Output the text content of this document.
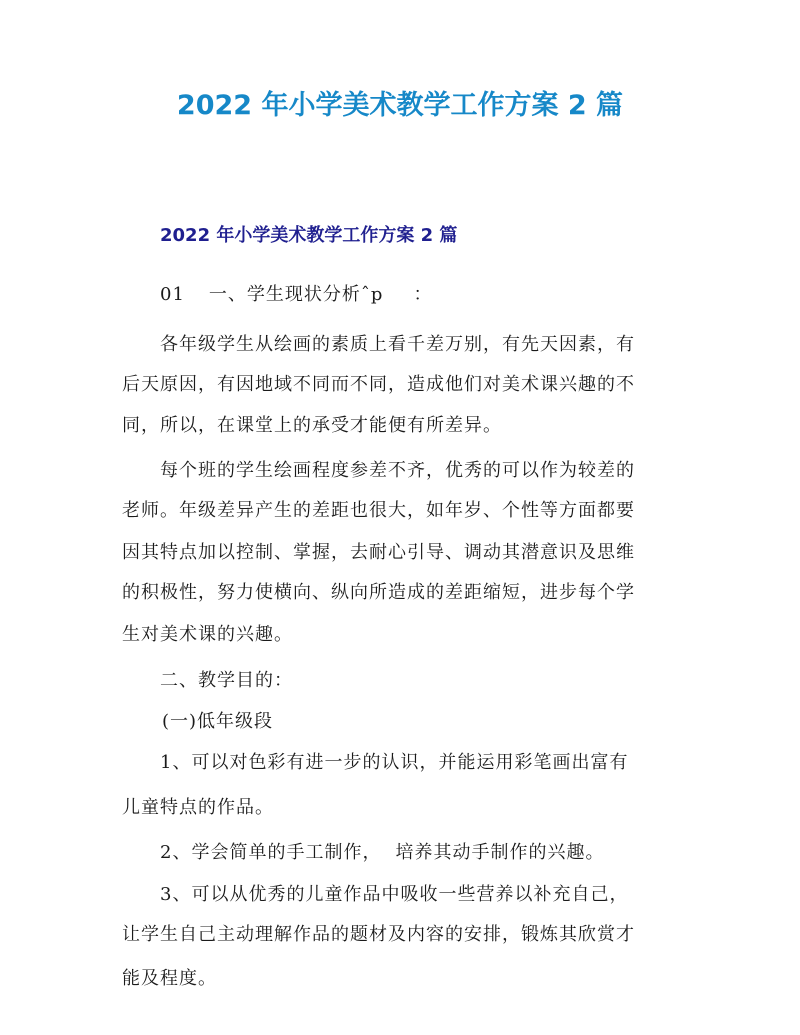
2022 年小学美术教学工作方案 2 篇
2022 年小学美术教学工作方案 2 篇
01 一、学生现状分析ˆp ：
各年级学生从绘画的素质上看千差万别，有先天因素，有
后天原因，有因地域不同而不同，造成他们对美术课兴趣的不
同，所以，在课堂上的承受才能便有所差异。
每个班的学生绘画程度参差不齐，优秀的可以作为较差的
老师。年级差异产生的差距也很大，如年岁、个性等方面都要
因其特点加以控制、掌握，去耐心引导、调动其潜意识及思维
的积极性，努力使横向、纵向所造成的差距缩短，进步每个学
生对美术课的兴趣。
二、教学目的：
(一)低年级段
1、可以对色彩有进一步的认识，并能运用彩笔画出富有
儿童特点的作品。
2、学会简单的手工制作， 培养其动手制作的兴趣。
3、可以从优秀的儿童作品中吸收一些营养以补充自己，
让学生自己主动理解作品的题材及内容的安排，锻炼其欣赏才
能及程度。
